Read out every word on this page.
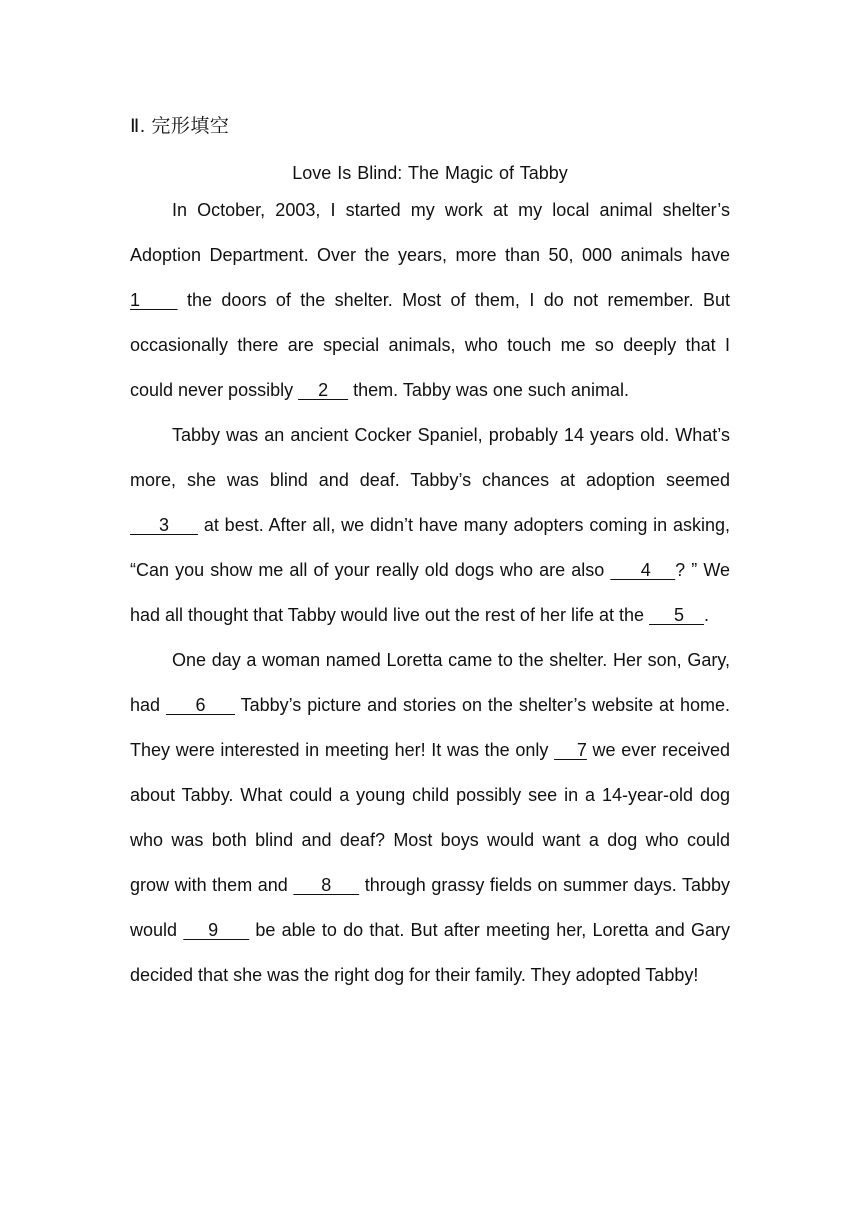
Ⅱ. 完形填空

Love Is Blind: The Magic of Tabby

In October, 2003, I started my work at my local animal shelter’s Adoption Department. Over the years, more than 50, 000 animals have 1     the doors of the shelter. Most of them, I do not remember. But occasionally there are special animals, who touch me so deeply that I could never possibly     2     them. Tabby was one such animal.

Tabby was an ancient Cocker Spaniel, probably 14 years old. What’s more, she was blind and deaf. Tabby’s chances at adoption seemed      3      at best. After all, we didn’t have many adopters coming in asking, “Can you show me all of your really old dogs who are also      4    ? ” We had all thought that Tabby would live out the rest of her life at the      5    .

One day a woman named Loretta came to the shelter. Her son, Gary, had      6      Tabby’s picture and stories on the shelter’s website at home. They were interested in meeting her! It was the only     7 we ever received about Tabby. What could a young child possibly see in a 14-year-old dog who was both blind and deaf? Most boys would want a dog who could grow with them and      8      through grassy fields on summer days. Tabby would     9      be able to do that. But after meeting her, Loretta and Gary decided that she was the right dog for their family. They adopted Tabby!
